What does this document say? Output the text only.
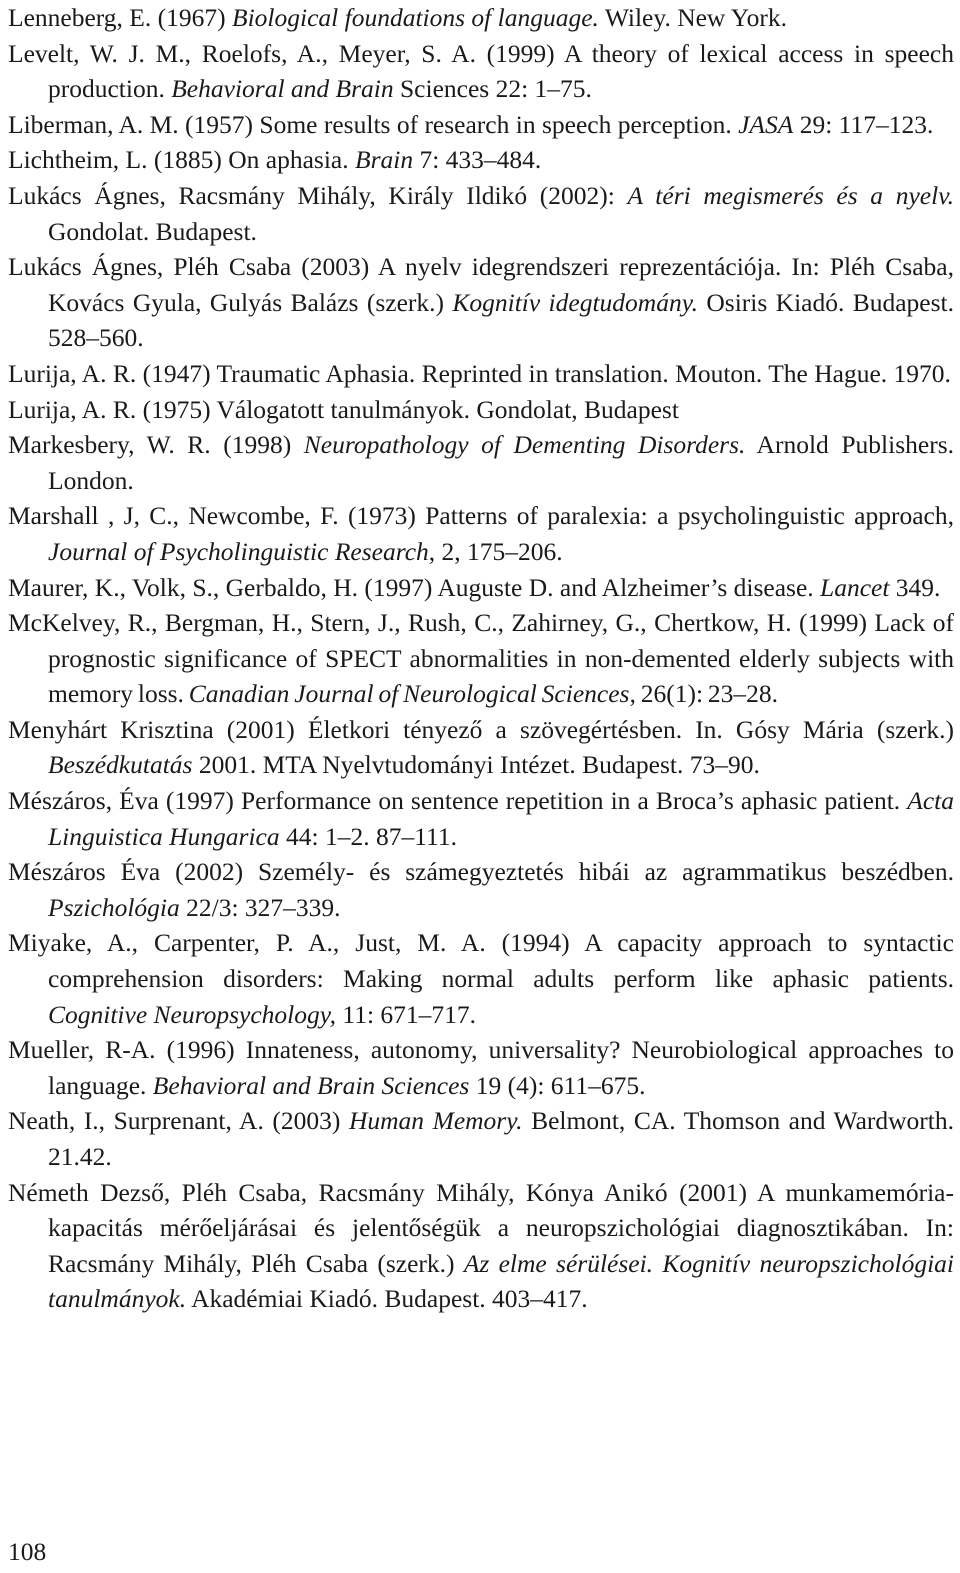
Lenneberg, E. (1967) Biological foundations of language. Wiley. New York.

Levelt, W. J. M., Roelofs, A., Meyer, S. A. (1999) A theory of lexical access in speech production. Behavioral and Brain Sciences 22: 1–75.

Liberman, A. M. (1957) Some results of research in speech perception. JASA 29: 117–123.

Lichtheim, L. (1885) On aphasia. Brain 7: 433–484.

Lukács Ágnes, Racsmány Mihály, Király Ildikó (2002): A téri megismerés és a nyelv. Gondolat. Budapest.

Lukács Ágnes, Pléh Csaba (2003) A nyelv idegrendszeri reprezentációja. In: Pléh Csaba, Kovács Gyula, Gulyás Balázs (szerk.) Kognitív idegtudomány. Osiris Kiadó. Budapest. 528–560.

Lurija, A. R. (1947) Traumatic Aphasia. Reprinted in translation. Mouton. The Hague. 1970.

Lurija, A. R. (1975) Válogatott tanulmányok. Gondolat, Budapest

Markesbery, W. R. (1998) Neuropathology of Dementing Disorders. Arnold Publishers. London.

Marshall , J, C., Newcombe, F. (1973) Patterns of paralexia: a psycholinguistic approach, Journal of Psycholinguistic Research, 2, 175–206.

Maurer, K., Volk, S., Gerbaldo, H. (1997) Auguste D. and Alzheimer’s disease. Lancet 349.

McKelvey, R., Bergman, H., Stern, J., Rush, C., Zahirney, G., Chertkow, H. (1999) Lack of prognostic significance of SPECT abnormalities in non-demented elderly subjects with memory loss. Canadian Journal of Neurological Sciences, 26(1): 23–28.

Menyhárt Krisztina (2001) Életkori tényező a szövegértésben. In. Gósy Mária (szerk.) Beszédkutatás 2001. MTA Nyelvtudományi Intézet. Budapest. 73–90.

Mészáros, Éva (1997) Performance on sentence repetition in a Broca’s aphasic patient. Acta Linguistica Hungarica 44: 1–2. 87–111.

Mészáros Éva (2002) Személy- és számegyeztetés hibái az agrammatikus beszédben. Pszichológia 22/3: 327–339.

Miyake, A., Carpenter, P. A., Just, M. A. (1994) A capacity approach to syntactic comprehension disorders: Making normal adults perform like aphasic patients. Cognitive Neuropsychology, 11: 671–717.

Mueller, R-A. (1996) Innateness, autonomy, universality? Neurobiological approaches to language. Behavioral and Brain Sciences 19 (4): 611–675.

Neath, I., Surprenant, A. (2003) Human Memory. Belmont, CA. Thomson and Wardworth. 21.42.

Németh Dezső, Pléh Csaba, Racsmány Mihály, Kónya Anikó (2001) A munkamemória-kapacitás mérőeljárásai és jelentőségük a neuropszichológiai diagnosztikában. In: Racsmány Mihály, Pléh Csaba (szerk.) Az elme sérülései. Kognitív neuropszichológiai tanulmányok. Akadémiai Kiadó. Budapest. 403–417.

108
